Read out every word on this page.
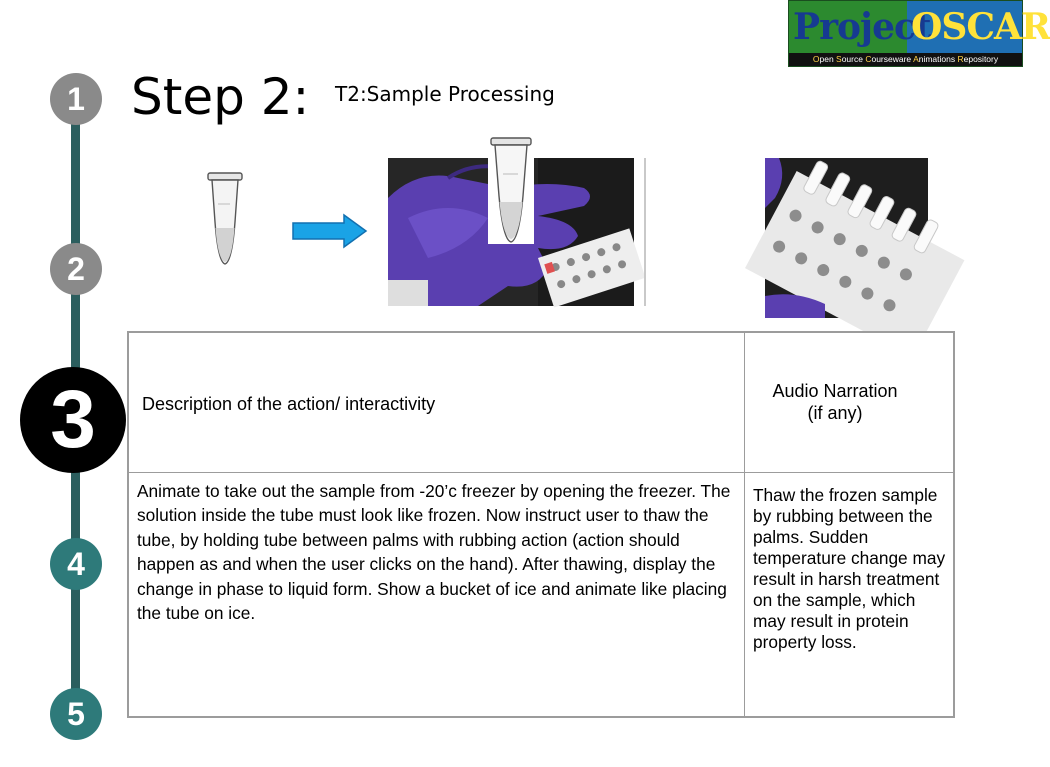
Project
OSCAR
Open Source Courseware Animations Repository
1
2
3
4
5
Step 2: T2:Sample Processing
Description of the action/ interactivity
Audio Narration
(if any)
Animate to take out the sample from -20’c freezer by opening the freezer. The solution inside the tube must look like frozen. Now instruct user to thaw the tube, by holding tube between palms with rubbing action (action should happen as and when the user clicks on the hand). After thawing, display the change in phase to liquid form. Show a bucket of ice and animate like placing the tube on ice.
Thaw the frozen sample by rubbing between the palms. Sudden temperature change may result in harsh treatment on the sample, which may result in protein property loss.
